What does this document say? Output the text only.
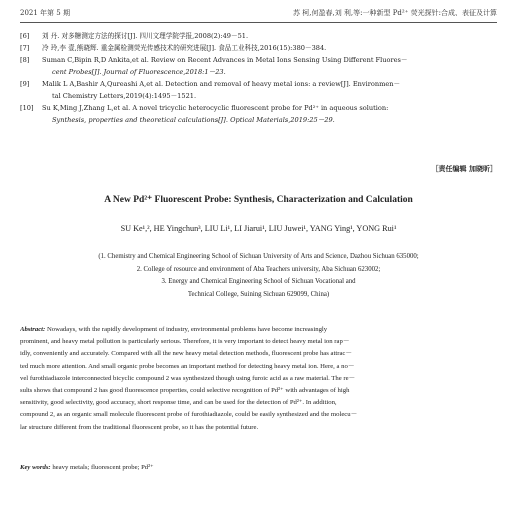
2021 年第 5 期	苏 柯,何盈春,刘 利,等:一种新型 Pd²⁺ 荧光探针:合成、表征及计算
[6] 刘 丹. 对多糖测定方法的探讨[J]. 四川文理学院学报,2008(2):49－51.
[7] 冷 玲,李 壹,熊晓辉. 重金属检测荧光传感技术的研究进展[J]. 食品工业科技,2016(15):380－384.
[8] Suman C,Bipin R,D Ankita,et al. Review on Recent Advances in Metal Ions Sensing Using Different Fluores－
cent Probes[J]. Journal of Fluorescence,2018:1－23.
[9] Malik L A,Bashir A,Qureashi A,et al. Detection and removal of heavy metal ions: a review[J]. Environmen－
tal Chemistry Letters,2019(4):1495－1521.
[10] Su K,Ming J,Zhang L,et al. A novel tricyclic heterocyclic fluorescent probe for Pd²⁺ in aqueous solution:
Synthesis, properties and theoretical calculations[J]. Optical Materials,2019:25－29.
［责任编辑 加晓昕］
A New Pd²⁺ Fluorescent Probe: Synthesis, Characterization and Calculation
SU Ke¹,², HE Yingchun³, LIU Li¹, LI Jiarui¹, LIU Juwei¹, YANG Ying¹, YONG Rui¹
(1. Chemistry and Chemical Engineering School of Sichuan University of Arts and Science, Dazhou Sichuan 635000;
2. College of resource and environment of Aba Teachers university, Aba Sichuan 623002;
3. Energy and Chemical Engineering School of Sichuan Vocational and
Technical College, Suining Sichuan 629099, China)
Abstract: Nowadays, with the rapidly development of industry, environmental problems have become increasingly
prominent, and heavy metal pollution is particularly serious. Therefore, it is very important to detect heavy metal ion rap－
idly, conveniently and accurately. Compared with all the new heavy metal detection methods, fluorescent probe has attrac－
ted much more attention. And small organic probe becomes an important method for detecting heavy metal ion. Here, a no－
vel furothiadiazole interconnected bicyclic compound 2 was synthesized though using furoic acid as a raw material. The re－
sults shows that compound 2 has good fluorescence properties, could selective recognition of Pd²⁺ with advantages of high
sensitivity, good selectivity, good accuracy, short response time, and can be used for the detection of Pd²⁺. In addition,
compound 2, as an organic small molecule fluorescent probe of furothiadiazole, could be easily synthesized and the molecu－
lar structure different from the traditional fluorescent probe, so it has the potential future.
Key words: heavy metals; fluorescent probe; Pd²⁺
